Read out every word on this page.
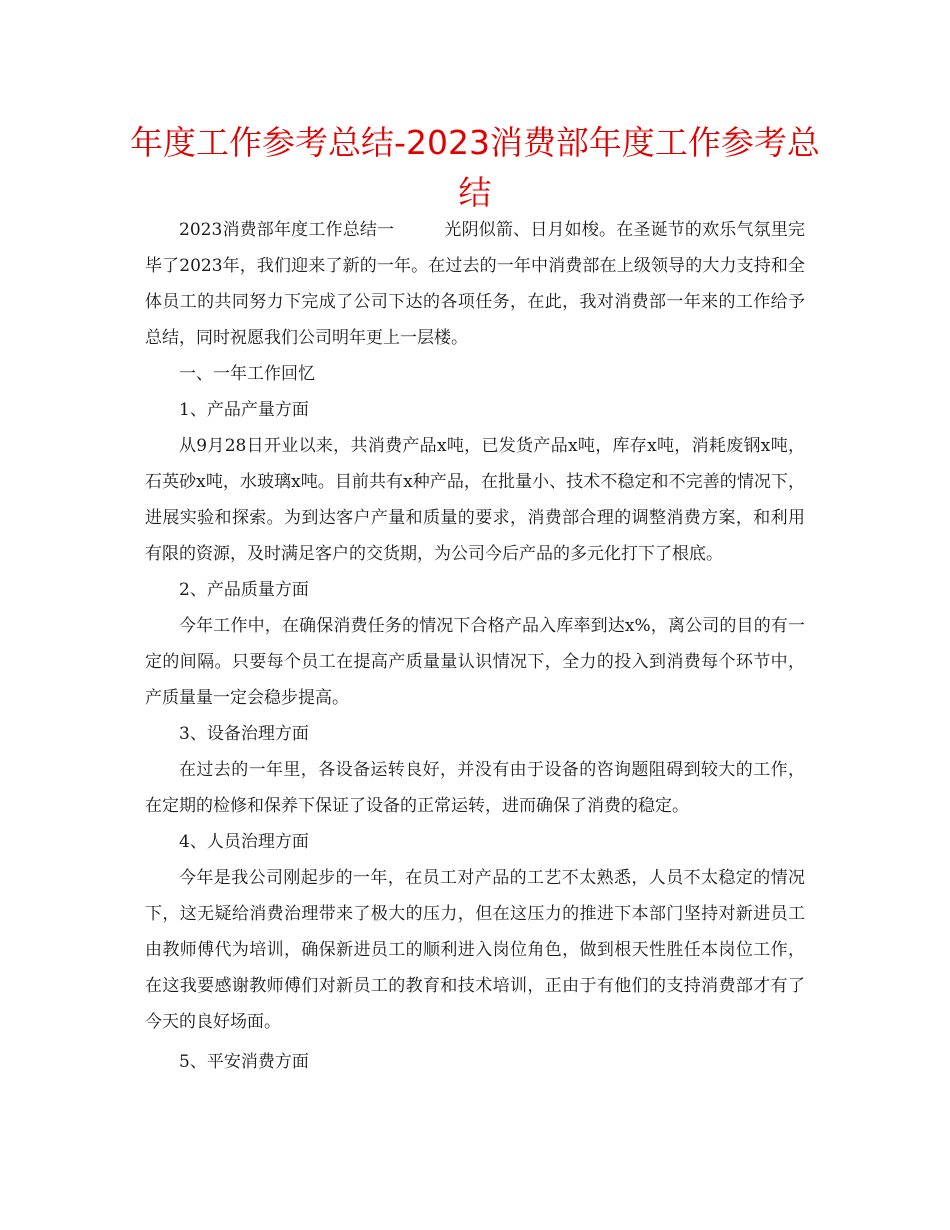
年度工作参考总结-2023消费部年度工作参考总结

2023消费部年度工作总结一	光阴似箭、日月如梭。在圣诞节的欢乐气氛里完毕了2023年，我们迎来了新的一年。在过去的一年中消费部在上级领导的大力支持和全体员工的共同努力下完成了公司下达的各项任务，在此，我对消费部一年来的工作给予总结，同时祝愿我们公司明年更上一层楼。

一、一年工作回忆

1、产品产量方面

从9月28日开业以来，共消费产品x吨，已发货产品x吨，库存x吨，消耗废钢x吨，石英砂x吨，水玻璃x吨。目前共有x种产品，在批量小、技术不稳定和不完善的情况下，进展实验和探索。为到达客户产量和质量的要求，消费部合理的调整消费方案，和利用有限的资源，及时满足客户的交货期，为公司今后产品的多元化打下了根底。

2、产品质量方面

今年工作中，在确保消费任务的情况下合格产品入库率到达x%，离公司的目的有一定的间隔。只要每个员工在提高产质量量认识情况下，全力的投入到消费每个环节中，产质量量一定会稳步提高。

3、设备治理方面

在过去的一年里，各设备运转良好，并没有由于设备的咨询题阻碍到较大的工作，在定期的检修和保养下保证了设备的正常运转，进而确保了消费的稳定。

4、人员治理方面

今年是我公司刚起步的一年，在员工对产品的工艺不太熟悉，人员不太稳定的情况下，这无疑给消费治理带来了极大的压力，但在这压力的推进下本部门坚持对新进员工由教师傅代为培训，确保新进员工的顺利进入岗位角色，做到根天性胜任本岗位工作，在这我要感谢教师傅们对新员工的教育和技术培训，正由于有他们的支持消费部才有了今天的良好场面。

5、平安消费方面
